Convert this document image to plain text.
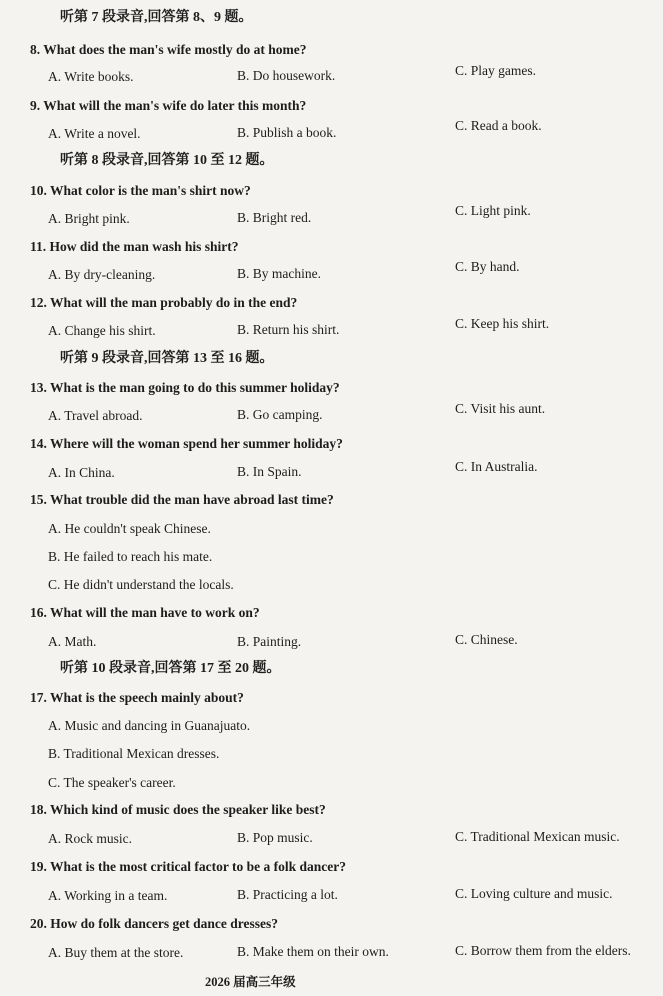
听第 7 段录音,回答第 8、9 题。
8. What does the man's wife mostly do at home?
A. Write books.	B. Do housework.	C. Play games.
9. What will the man's wife do later this month?
A. Write a novel.	B. Publish a book.	C. Read a book.
听第 8 段录音,回答第 10 至 12 题。
10. What color is the man's shirt now?
A. Bright pink.	B. Bright red.	C. Light pink.
11. How did the man wash his shirt?
A. By dry-cleaning.	B. By machine.	C. By hand.
12. What will the man probably do in the end?
A. Change his shirt.	B. Return his shirt.	C. Keep his shirt.
听第 9 段录音,回答第 13 至 16 题。
13. What is the man going to do this summer holiday?
A. Travel abroad.	B. Go camping.	C. Visit his aunt.
14. Where will the woman spend her summer holiday?
A. In China.	B. In Spain.	C. In Australia.
15. What trouble did the man have abroad last time?
A. He couldn't speak Chinese.
B. He failed to reach his mate.
C. He didn't understand the locals.
16. What will the man have to work on?
A. Math.	B. Painting.	C. Chinese.
听第 10 段录音,回答第 17 至 20 题。
17. What is the speech mainly about?
A. Music and dancing in Guanajuato.
B. Traditional Mexican dresses.
C. The speaker's career.
18. Which kind of music does the speaker like best?
A. Rock music.	B. Pop music.	C. Traditional Mexican music.
19. What is the most critical factor to be a folk dancer?
A. Working in a team.	B. Practicing a lot.	C. Loving culture and music.
20. How do folk dancers get dance dresses?
A. Buy them at the store.	B. Make them on their own.	C. Borrow them from the elders.
2026 届高三年级
